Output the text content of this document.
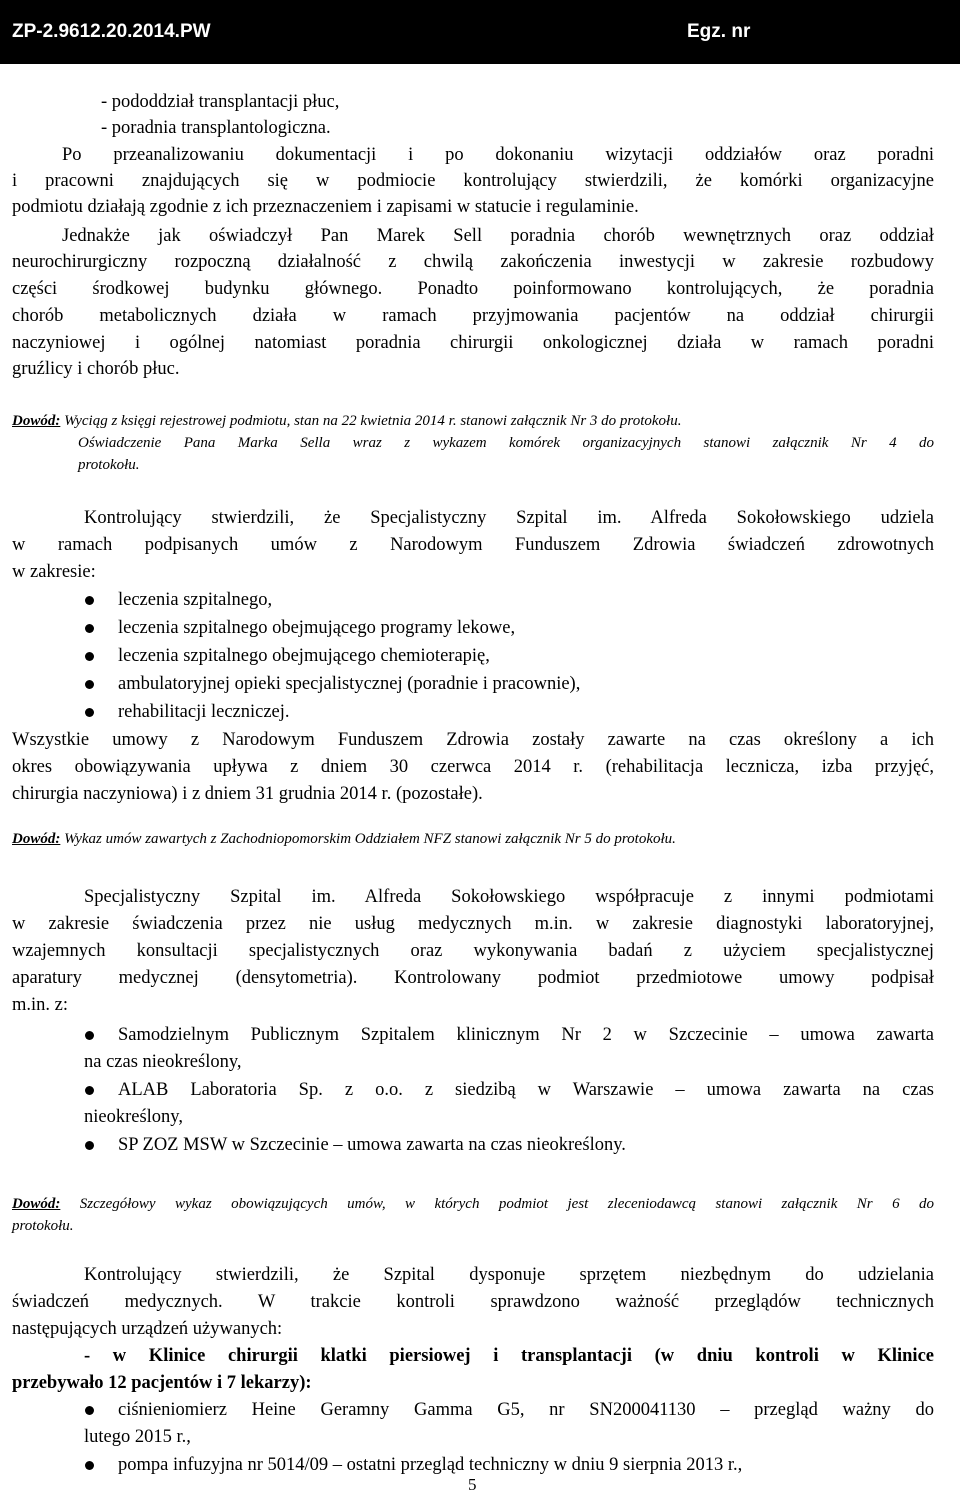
ZP-2.9612.20.2014.PW	Egz. nr
- pododdział transplantacji płuc,
- poradnia transplantologiczna.
Po przeanalizowaniu dokumentacji i po dokonaniu wizytacji oddziałów oraz poradni
i pracowni znajdujących się w podmiocie kontrolujący stwierdzili, że komórki organizacyjne
podmiotu działają zgodnie z ich przeznaczeniem i zapisami w statucie i regulaminie.
Jednakże jak oświadczył Pan Marek Sell poradnia chorób wewnętrznych oraz oddział
neurochirurgiczny rozpoczną działalność z chwilą zakończenia inwestycji w zakresie rozbudowy
części środkowej budynku głównego. Ponadto poinformowano kontrolujących, że poradnia
chorób metabolicznych działa w ramach przyjmowania pacjentów na oddział chirurgii
naczyniowej i ogólnej natomiast poradnia chirurgii onkologicznej działa w ramach poradni
gruźlicy i chorób płuc.
Dowód: Wyciąg z księgi rejestrowej podmiotu, stan na 22 kwietnia 2014 r. stanowi załącznik Nr 3 do protokołu.
Oświadczenie Pana Marka Sella wraz z wykazem komórek organizacyjnych stanowi załącznik Nr 4 do
protokołu.
Kontrolujący stwierdzili, że Specjalistyczny Szpital im. Alfreda Sokołowskiego udziela
w ramach podpisanych umów z Narodowym Funduszem Zdrowia świadczeń zdrowotnych
w zakresie:
leczenia szpitalnego,
leczenia szpitalnego obejmującego programy lekowe,
leczenia szpitalnego obejmującego chemioterapię,
ambulatoryjnej opieki specjalistycznej (poradnie i pracownie),
rehabilitacji leczniczej.
Wszystkie umowy z Narodowym Funduszem Zdrowia zostały zawarte na czas określony a ich
okres obowiązywania upływa z dniem 30 czerwca 2014 r. (rehabilitacja lecznicza, izba przyjęć,
chirurgia naczyniowa) i z dniem 31 grudnia 2014 r. (pozostałe).
Dowód: Wykaz umów zawartych z Zachodniopomorskim Oddziałem NFZ stanowi załącznik Nr 5 do protokołu.
Specjalistyczny Szpital im. Alfreda Sokołowskiego współpracuje z innymi podmiotami
w zakresie świadczenia przez nie usług medycznych m.in. w zakresie diagnostyki laboratoryjnej,
wzajemnych konsultacji specjalistycznych oraz wykonywania badań z użyciem specjalistycznej
aparatury medycznej (densytometria). Kontrolowany podmiot przedmiotowe umowy podpisał
m.in. z:
Samodzielnym Publicznym Szpitalem klinicznym Nr 2 w Szczecinie – umowa zawarta
na czas nieokreślony,
ALAB Laboratoria Sp. z o.o. z siedzibą w Warszawie – umowa zawarta na czas
nieokreślony,
SP ZOZ MSW w Szczecinie – umowa zawarta na czas nieokreślony.
Dowód: Szczegółowy wykaz obowiązujących umów, w których podmiot jest zleceniodawcą stanowi załącznik Nr 6 do
protokołu.
Kontrolujący stwierdzili, że Szpital dysponuje sprzętem niezbędnym do udzielania
świadczeń medycznych. W trakcie kontroli sprawdzono ważność przeglądów technicznych
następujących urządzeń używanych:
- w Klinice chirurgii klatki piersiowej i transplantacji (w dniu kontroli w Klinice
przebywało 12 pacjentów i 7 lekarzy):
ciśnieniomierz Heine Geramny Gamma G5, nr SN200041130 – przegląd ważny do
lutego 2015 r.,
pompa infuzyjna nr 5014/09 – ostatni przegląd techniczny w dniu 9 sierpnia 2013 r.,
5
